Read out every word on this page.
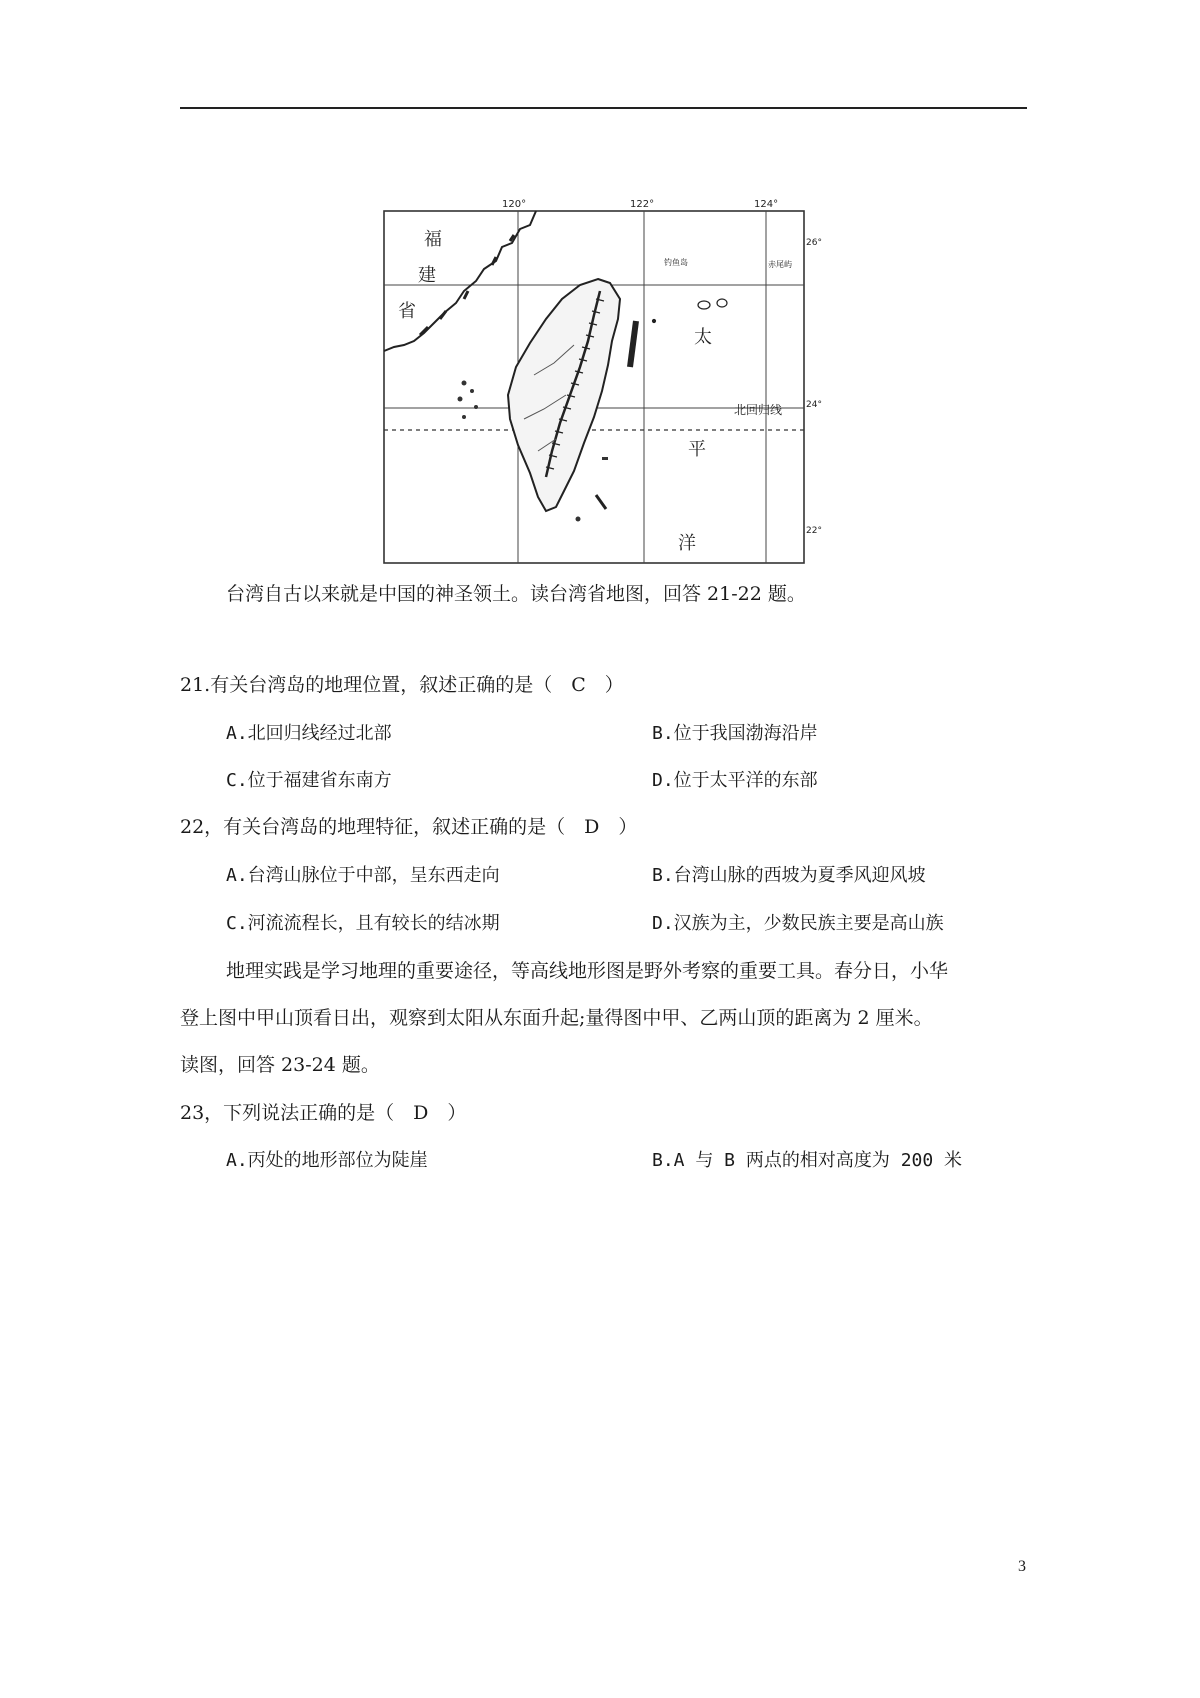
120°	122°	124°
26°
24°
22°
福
建
省
太
平
洋
北回归线
钓鱼岛	赤尾屿
台湾自古以来就是中国的神圣领土。读台湾省地图，回答 21-22 题。
21.有关台湾岛的地理位置，叙述正确的是（　C　）
A.北回归线经过北部	B.位于我国渤海沿岸
C.位于福建省东南方	D.位于太平洋的东部
22，有关台湾岛的地理特征，叙述正确的是（　D　）
A.台湾山脉位于中部，呈东西走向	B.台湾山脉的西坡为夏季风迎风坡
C.河流流程长，且有较长的结冰期	D.汉族为主，少数民族主要是高山族
地理实践是学习地理的重要途径，等高线地形图是野外考察的重要工具。春分日，小华
登上图中甲山顶看日出，观察到太阳从东面升起;量得图中甲、乙两山顶的距离为 2 厘米。
读图，回答 23-24 题。
23，下列说法正确的是（　D　）
A.丙处的地形部位为陡崖	B.A 与 B 两点的相对高度为 200 米
3
